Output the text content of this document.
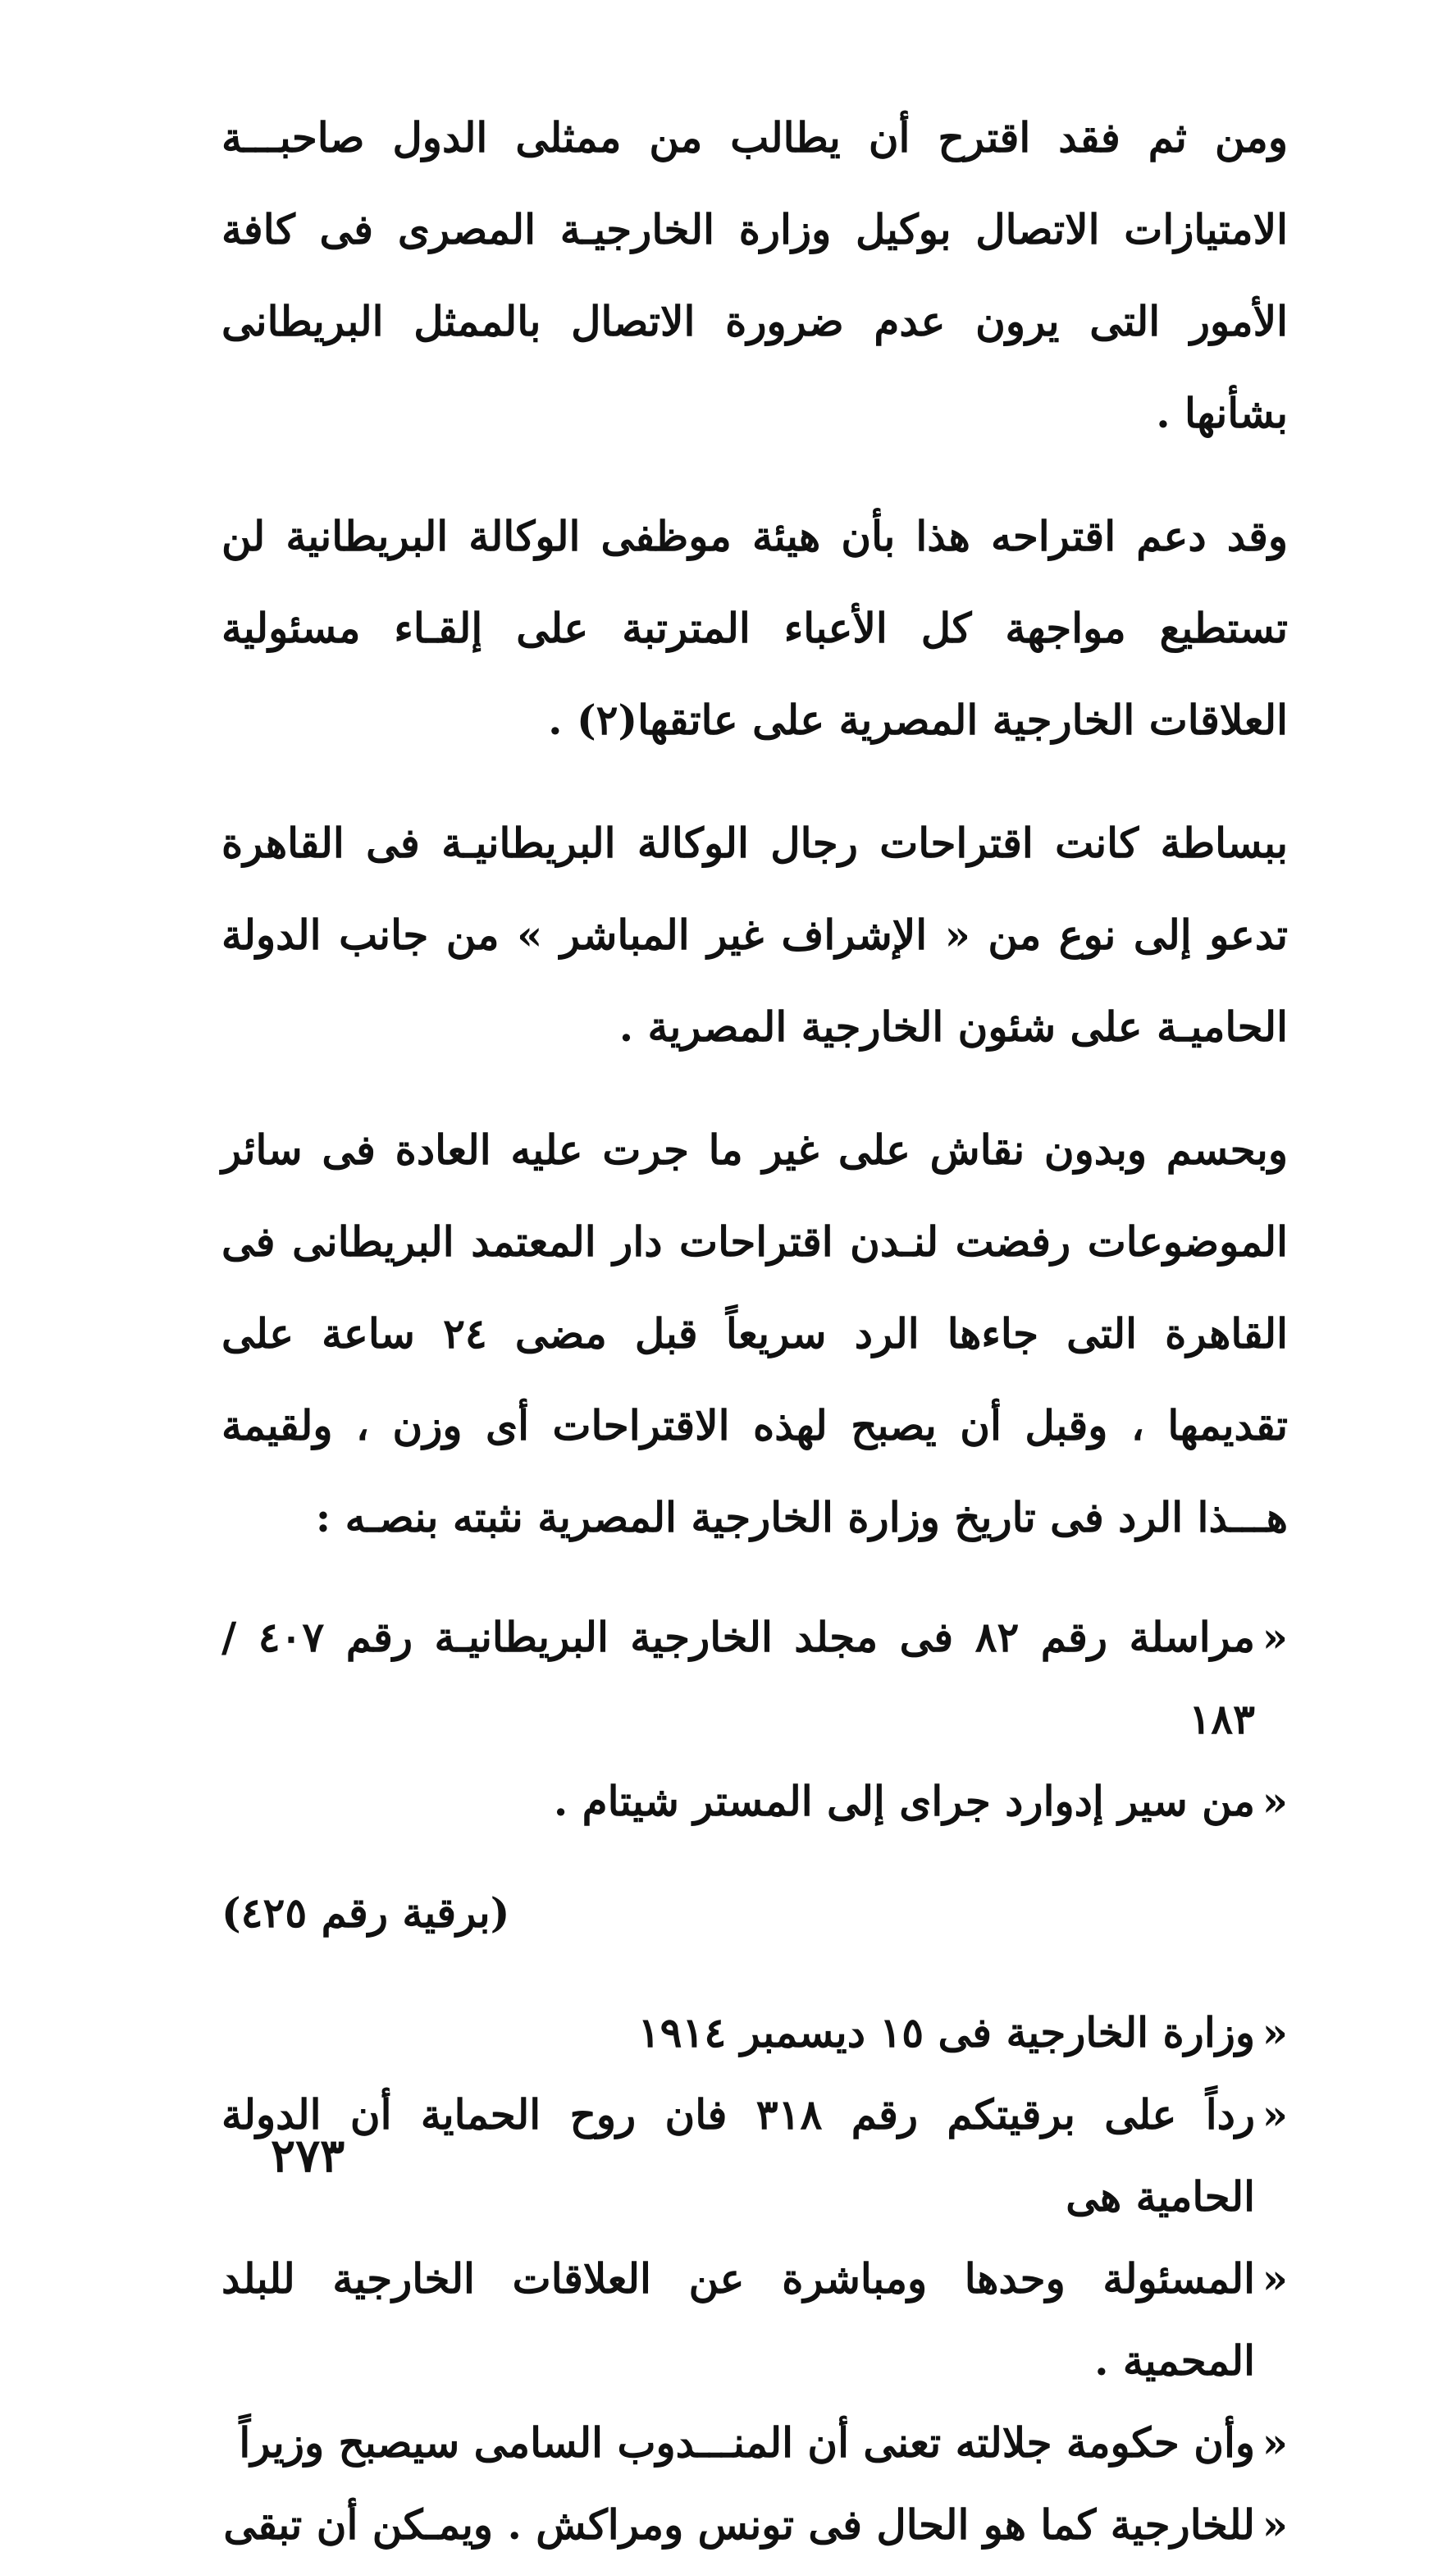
ومن ثم فقد اقترح أن يطالب من ممثلى الدول صاحبـــة الامتيازات الاتصال بوكيل وزارة الخارجيـة المصرى فى كافة الأمور التى يرون عدم ضرورة الاتصال بالممثل البريطانى بشأنها .

وقد دعم اقتراحه هذا بأن هيئة موظفى الوكالة البريطانية لن تستطيع مواجهة كل الأعباء المترتبة على إلقـاء مسئولية العلاقات الخارجية المصرية على عاتقها(٢) .

ببساطة كانت اقتراحات رجال الوكالة البريطانيـة فى القاهرة تدعو إلى نوع من « الإشراف غير المباشر » من جانب الدولة الحاميـة على شئون الخارجية المصرية .

وبحسم وبدون نقاش على غير ما جرت عليه العادة فى سائر الموضوعات رفضت لنـدن اقتراحات دار المعتمد البريطانى فى القاهرة التى جاءها الرد سريعاً قبل مضى ٢٤ ساعة على تقديمها ، وقبل أن يصبح لهذه الاقتراحات أى وزن ، ولقيمة هـــذا الرد فى تاريخ وزارة الخارجية المصرية نثبته بنصـه :

«
مراسلة رقم ٨٢ فى مجلد الخارجية البريطانيـة رقم ٤٠٧ / ١٨٣
«
من سير إدوارد جراى إلى المستر شيتام .
(برقية رقم ٤٢٥)
«
وزارة الخارجية فى ١٥ ديسمبر ١٩١٤
«
رداً على برقيتكم رقم ٣١٨ فان روح الحماية أن الدولة الحامية هى
«
المسئولة وحدها ومباشرة عن العلاقات الخارجية للبلد المحمية .
«
وأن حكومة جلالته تعنى أن المنـــدوب السامى سيصبح وزيراً
«
للخارجية كما هو الحال فى تونس ومراكش . ويمـكن أن تبقى
٢٧٣
